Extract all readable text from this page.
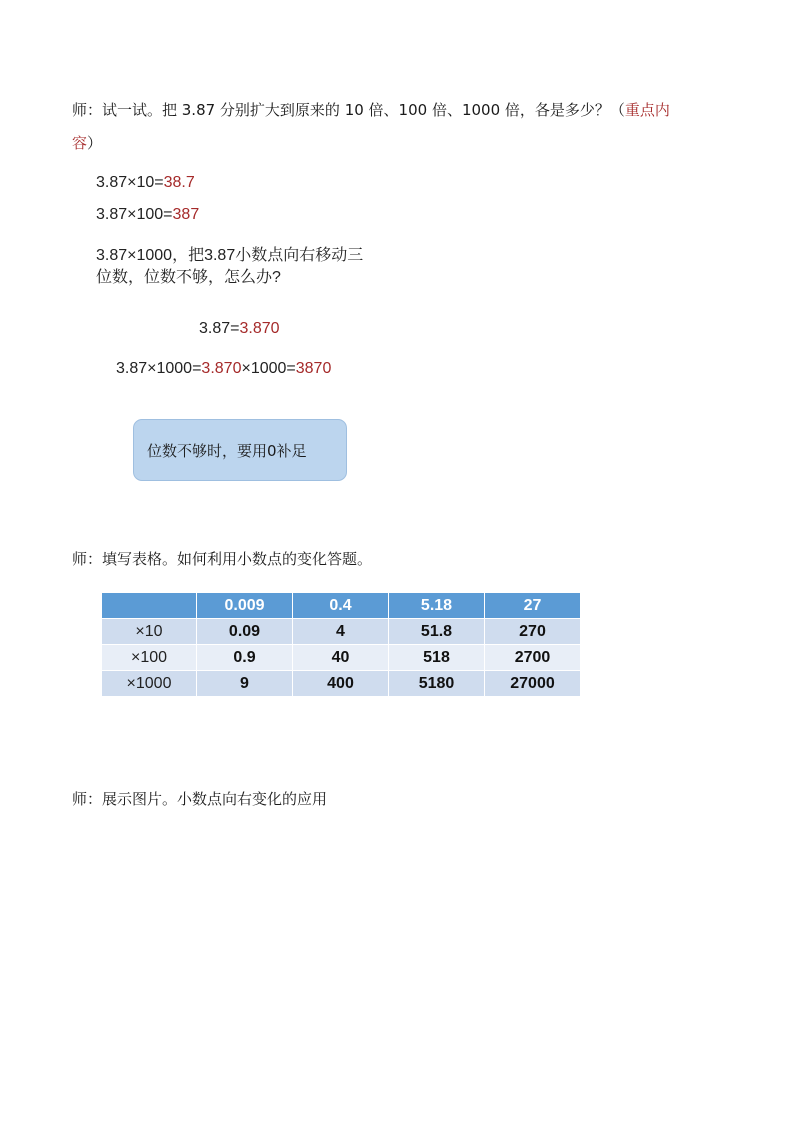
师：试一试。把 3.87 分别扩大到原来的 10 倍、100 倍、1000 倍，各是多少？（重点内
容）
3.87×10=38.7
3.87×100=387
3.87×1000，把3.87小数点向右移动三
位数，位数不够，怎么办?
3.87=3.870
3.87×1000=3.870×1000=3870
位数不够时，要用0补足
师：填写表格。如何利用小数点的变化答题。
	0.009	0.4	5.18	27
×10	0.09	4	51.8	270
×100	0.9	40	518	2700
×1000	9	400	5180	27000
师：展示图片。小数点向右变化的应用
